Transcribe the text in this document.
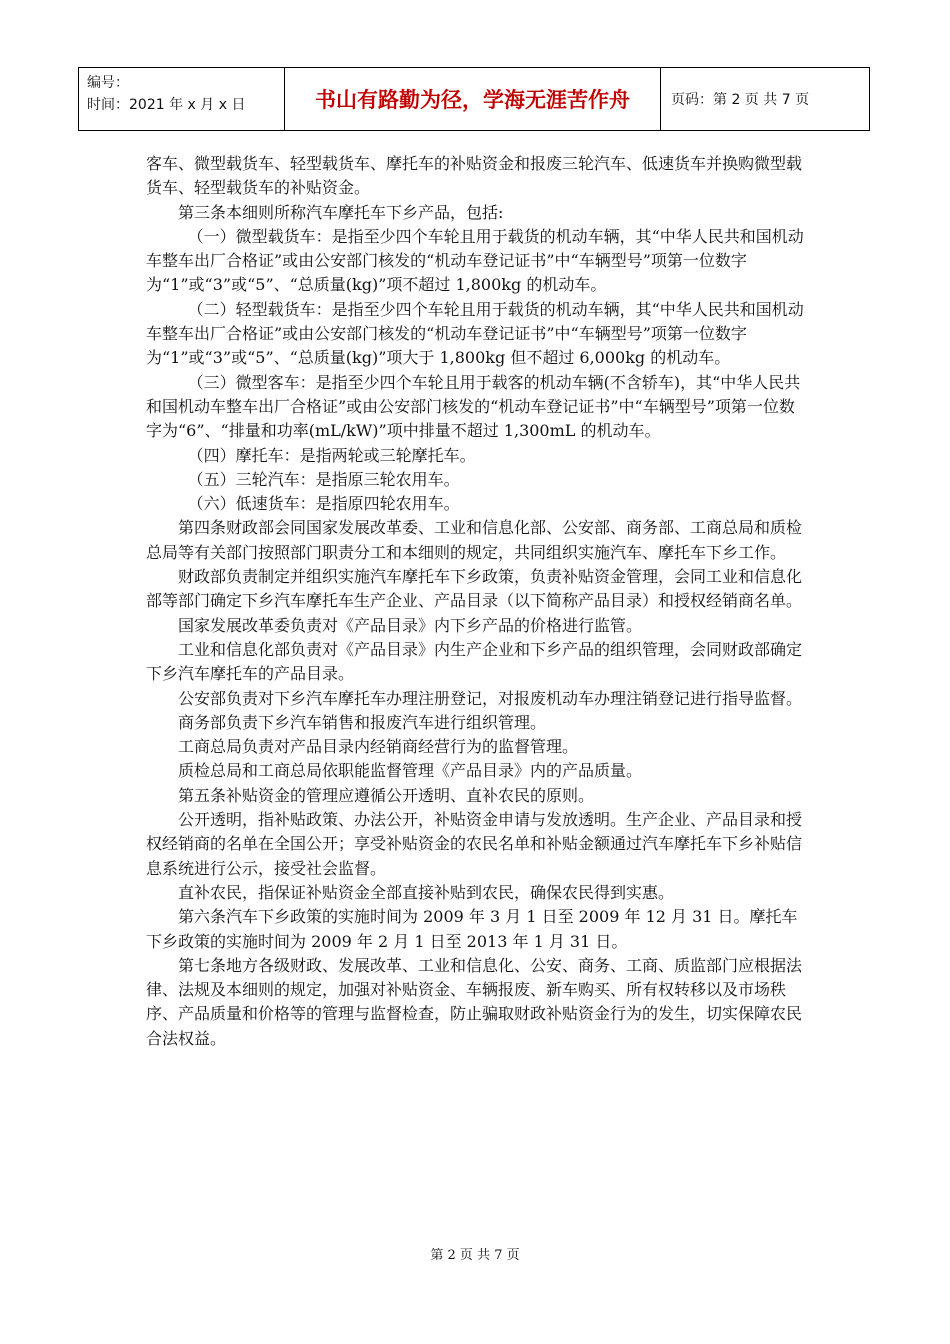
编号：
时间：2021 年 x 月 x 日	书山有路勤为径，学海无涯苦作舟	页码：第 2 页 共 7 页

客车、微型载货车、轻型载货车、摩托车的补贴资金和报废三轮汽车、低速货车并换购微型载货车、轻型载货车的补贴资金。

第三条本细则所称汽车摩托车下乡产品，包括:

（一）微型载货车：是指至少四个车轮且用于载货的机动车辆，其“中华人民共和国机动车整车出厂合格证”或由公安部门核发的“机动车登记证书”中“车辆型号”项第一位数字为“1”或“3”或“5”、“总质量(kg)”项不超过 1,800kg 的机动车。

（二）轻型载货车：是指至少四个车轮且用于载货的机动车辆，其“中华人民共和国机动车整车出厂合格证”或由公安部门核发的“机动车登记证书”中“车辆型号”项第一位数字为“1”或“3”或“5”、“总质量(kg)”项大于 1,800kg 但不超过 6,000kg 的机动车。

（三）微型客车：是指至少四个车轮且用于载客的机动车辆(不含轿车)，其“中华人民共和国机动车整车出厂合格证”或由公安部门核发的“机动车登记证书”中“车辆型号”项第一位数字为“6”、“排量和功率(mL/kW)”项中排量不超过 1,300mL 的机动车。

（四）摩托车：是指两轮或三轮摩托车。

（五）三轮汽车：是指原三轮农用车。

（六）低速货车：是指原四轮农用车。

第四条财政部会同国家发展改革委、工业和信息化部、公安部、商务部、工商总局和质检总局等有关部门按照部门职责分工和本细则的规定，共同组织实施汽车、摩托车下乡工作。

财政部负责制定并组织实施汽车摩托车下乡政策，负责补贴资金管理，会同工业和信息化部等部门确定下乡汽车摩托车生产企业、产品目录（以下简称产品目录）和授权经销商名单。

国家发展改革委负责对《产品目录》内下乡产品的价格进行监管。

工业和信息化部负责对《产品目录》内生产企业和下乡产品的组织管理，会同财政部确定下乡汽车摩托车的产品目录。

公安部负责对下乡汽车摩托车办理注册登记，对报废机动车办理注销登记进行指导监督。

商务部负责下乡汽车销售和报废汽车进行组织管理。

工商总局负责对产品目录内经销商经营行为的监督管理。

质检总局和工商总局依职能监督管理《产品目录》内的产品质量。

第五条补贴资金的管理应遵循公开透明、直补农民的原则。

公开透明，指补贴政策、办法公开，补贴资金申请与发放透明。生产企业、产品目录和授权经销商的名单在全国公开；享受补贴资金的农民名单和补贴金额通过汽车摩托车下乡补贴信息系统进行公示，接受社会监督。

直补农民，指保证补贴资金全部直接补贴到农民，确保农民得到实惠。

第六条汽车下乡政策的实施时间为 2009 年 3 月 1 日至 2009 年 12 月 31 日。摩托车下乡政策的实施时间为 2009 年 2 月 1 日至 2013 年 1 月 31 日。

第七条地方各级财政、发展改革、工业和信息化、公安、商务、工商、质监部门应根据法律、法规及本细则的规定，加强对补贴资金、车辆报废、新车购买、所有权转移以及市场秩序、产品质量和价格等的管理与监督检查，防止骗取财政补贴资金行为的发生，切实保障农民合法权益。

第 2 页 共 7 页
